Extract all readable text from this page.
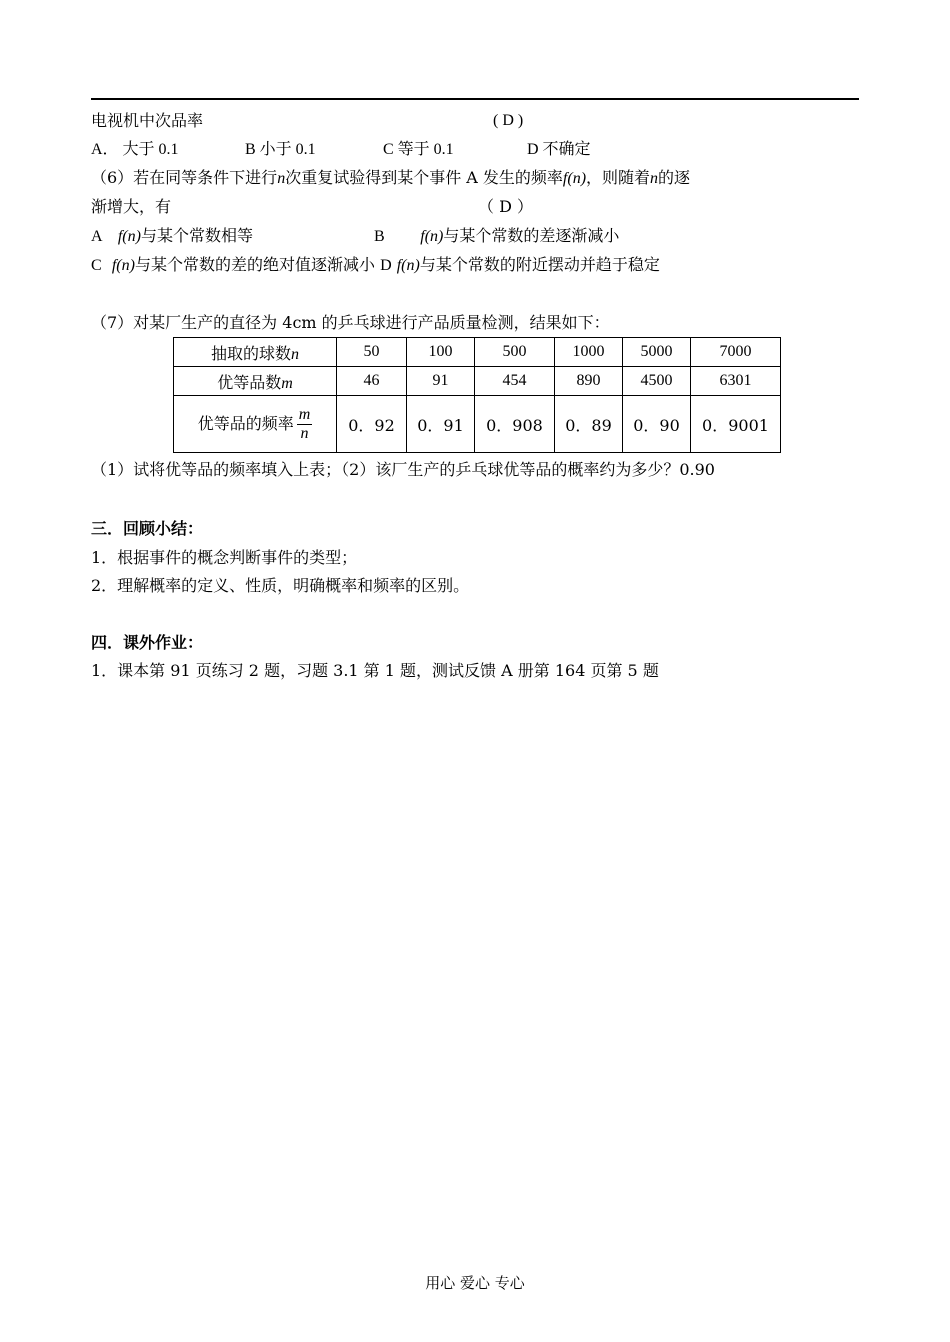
电视机中次品率	( D )
A． 大于 0.1	B 小于 0.1	C 等于 0.1	D 不确定
（6）若在同等条件下进行n次重复试验得到某个事件 A 发生的频率f(n)，则随着n的逐
渐增大，有	（ D ）
A f(n)与某个常数相等	B f(n)与某个常数的差逐渐减小
C f(n)与某个常数的差的绝对值逐渐减小 D f(n)与某个常数的附近摆动并趋于稳定
（7）对某厂生产的直径为 4cm 的乒乓球进行产品质量检测，结果如下：
抽取的球数n	50	100	500	1000	5000	7000
优等品数m	46	91	454	890	4500	6301
优等品的频率 $\frac{m}{n}$	0．92	0．91	0．908	0．89	0．90	0．9001
（1）试将优等品的频率填入上表；（2）该厂生产的乒乓球优等品的概率约为多少？0.90
三．回顾小结：
1．根据事件的概念判断事件的类型；
2．理解概率的定义、性质，明确概率和频率的区别。
四．课外作业：
1．课本第 91 页练习 2 题，习题 3.1 第 1 题，测试反馈 A 册第 164 页第 5 题
用心 爱心 专心
